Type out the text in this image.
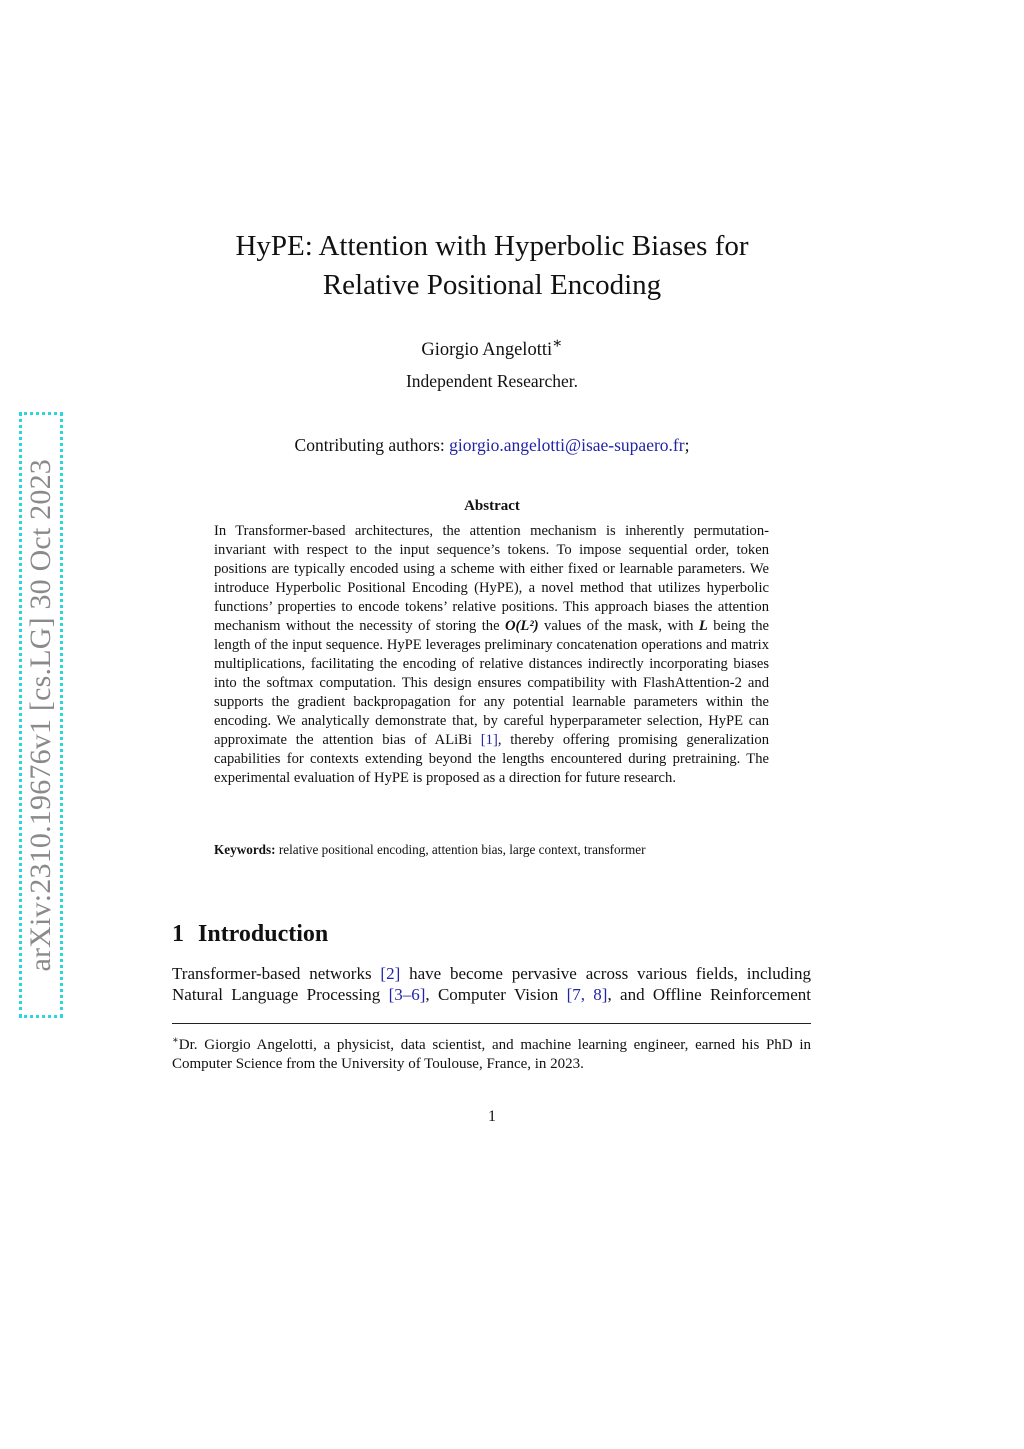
arXiv:2310.19676v1 [cs.LG] 30 Oct 2023
HyPE: Attention with Hyperbolic Biases for
Relative Positional Encoding
Giorgio Angelotti∗
Independent Researcher.
Contributing authors: giorgio.angelotti@isae-supaero.fr;
Abstract

In Transformer-based architectures, the attention mechanism is inherently permutation-invariant with respect to the input sequence’s tokens. To impose sequential order, token positions are typically encoded using a scheme with either fixed or learnable parameters. We introduce Hyperbolic Positional Encoding (HyPE), a novel method that utilizes hyperbolic functions’ properties to encode tokens’ relative positions. This approach biases the attention mechanism without the necessity of storing the O(L²) values of the mask, with L being the length of the input sequence. HyPE leverages preliminary concatenation operations and matrix multiplications, facilitating the encoding of relative distances indirectly incorporating biases into the softmax computation. This design ensures compatibility with FlashAttention-2 and supports the gradient backpropagation for any potential learnable parameters within the encoding. We analytically demonstrate that, by careful hyperparameter selection, HyPE can approximate the attention bias of ALiBi [1], thereby offering promising generalization capabilities for contexts extending beyond the lengths encountered during pretraining. The experimental evaluation of HyPE is proposed as a direction for future research.

Keywords: relative positional encoding, attention bias, large context, transformer
1 Introduction
Transformer-based networks [2] have become pervasive across various fields, including Natural Language Processing [3–6], Computer Vision [7, 8], and Offline Reinforcement
∗Dr. Giorgio Angelotti, a physicist, data scientist, and machine learning engineer, earned his PhD in Computer Science from the University of Toulouse, France, in 2023.
1
